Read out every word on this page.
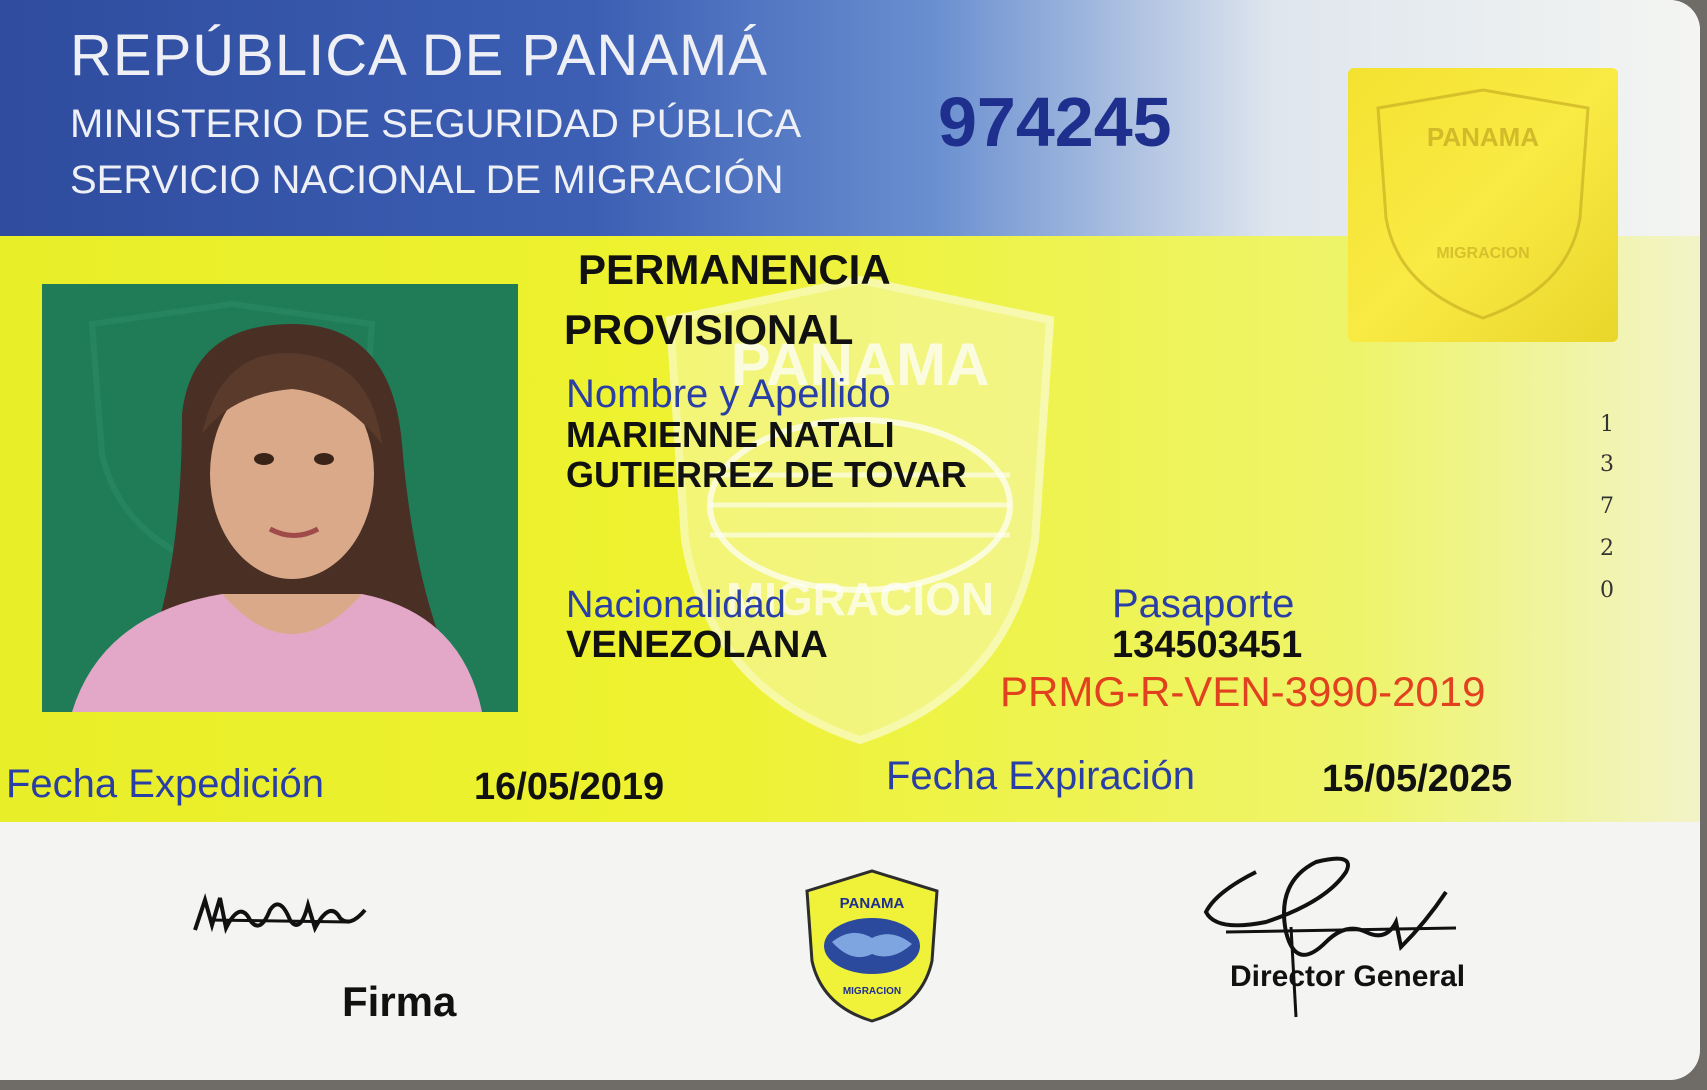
REPÚBLICA DE PANAMÁ
MINISTERIO DE SEGURIDAD PÚBLICA
SERVICIO NACIONAL DE MIGRACIÓN
974245	PANAMA
MIGRACION
PANAMA
MIGRACION
PERMANENCIA
PROVISIONAL
Nombre y Apellido
MARIENNE NATALI
GUTIERREZ DE TOVAR
Nacionalidad
VENEZOLANA
Pasaporte
134503451
PRMG-R-VEN-3990-2019
1
3
7
2
0
Fecha Expedición	16/05/2019	Fecha Expiración	15/05/2025
Firma
PANAMA
MIGRACION	Director General
